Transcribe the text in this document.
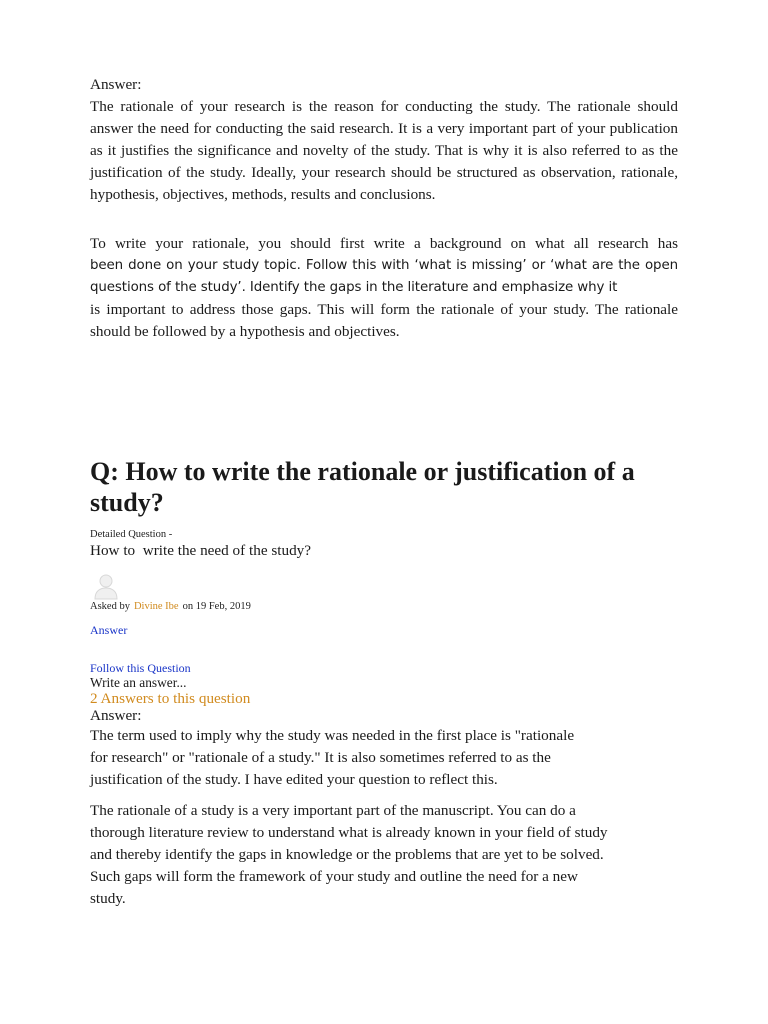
Answer:

The rationale of your research is the reason for conducting the study. The rationale should answer the need for conducting the said research. It is a very important part of your publication as it justifies the significance and novelty of the study. That is why it is also referred to as the justification of the study. Ideally, your research should be structured as observation, rationale, hypothesis, objectives, methods, results and conclusions.

To write your rationale, you should first write a background on what all research has

been done on your study topic. Follow this with ‘what is missing’ or ‘what are the open questions of the study’. Identify the gaps in the literature and emphasize why it

is important to address those gaps. This will form the rationale of your study. The rationale should be followed by a hypothesis and objectives.

Q: How to write the rationale or justification of a study?
Detailed Question -
How to  write the need of the study?
Asked by Divine Ibe on 19 Feb, 2019
Answer
Follow this Question
Write an answer...
2 Answers to this question

Answer:

The term used to imply why the study was needed in the first place is "rationale

for research" or "rationale of a study." It is also sometimes referred to as the

justification of the study. I have edited your question to reflect this.

The rationale of a study is a very important part of the manuscript. You can do a

thorough literature review to understand what is already known in your field of study

and thereby identify the gaps in knowledge or the problems that are yet to be solved.

Such gaps will form the framework of your study and outline the need for a new

study.
